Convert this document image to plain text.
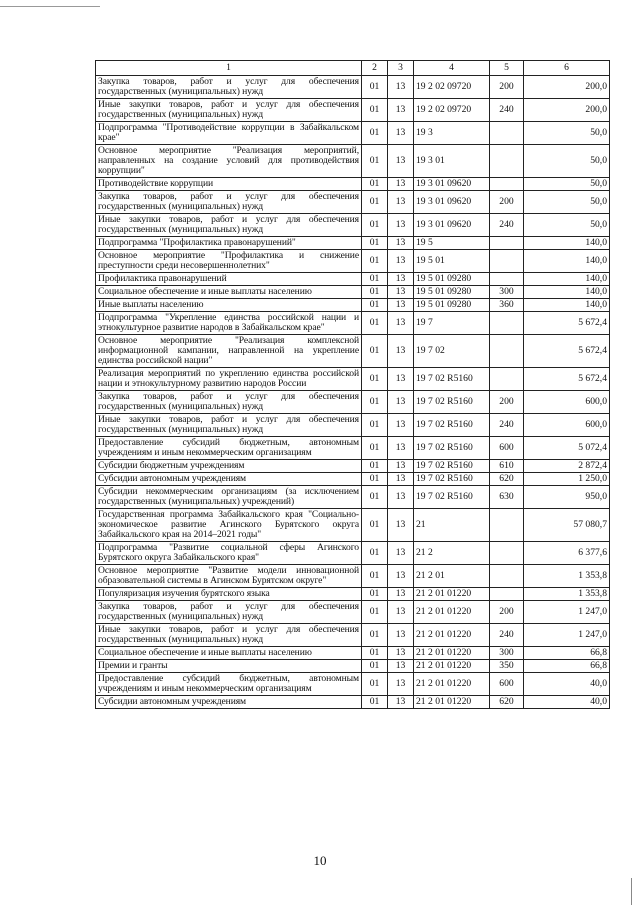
1	2	3	4	5	6
Закупка товаров, работ и услуг для обеспечения государственных (муниципальных) нужд	01	13	19 2 02 09720	200	200,0
Иные закупки товаров, работ и услуг для обеспечения государственных (муниципальных) нужд	01	13	19 2 02 09720	240	200,0
Подпрограмма "Противодействие коррупции в Забайкальском крае"	01	13	19 3		50,0
Основное мероприятие "Реализация мероприятий, направленных на создание условий для противодействия коррупции"	01	13	19 3 01		50,0
Противодействие коррупции	01	13	19 3 01 09620		50,0
Закупка товаров, работ и услуг для обеспечения государственных (муниципальных) нужд	01	13	19 3 01 09620	200	50,0
Иные закупки товаров, работ и услуг для обеспечения государственных (муниципальных) нужд	01	13	19 3 01 09620	240	50,0
Подпрограмма "Профилактика правонарушений"	01	13	19 5		140,0
Основное мероприятие "Профилактика и снижение преступности среди несовершеннолетних"	01	13	19 5 01		140,0
Профилактика правонарушений	01	13	19 5 01 09280		140,0
Социальное обеспечение и иные выплаты населению	01	13	19 5 01 09280	300	140,0
Иные выплаты населению	01	13	19 5 01 09280	360	140,0
Подпрограмма "Укрепление единства российской нации и этнокультурное развитие народов в Забайкальском крае"	01	13	19 7		5 672,4
Основное мероприятие "Реализация комплексной информационной кампании, направленной на укрепление единства российской нации"	01	13	19 7 02		5 672,4
Реализация мероприятий по укреплению единства российской нации и этнокультурному развитию народов России	01	13	19 7 02 R5160		5 672,4
Закупка товаров, работ и услуг для обеспечения государственных (муниципальных) нужд	01	13	19 7 02 R5160	200	600,0
Иные закупки товаров, работ и услуг для обеспечения государственных (муниципальных) нужд	01	13	19 7 02 R5160	240	600,0
Предоставление субсидий бюджетным, автономным учреждениям и иным некоммерческим организациям	01	13	19 7 02 R5160	600	5 072,4
Субсидии бюджетным учреждениям	01	13	19 7 02 R5160	610	2 872,4
Субсидии автономным учреждениям	01	13	19 7 02 R5160	620	1 250,0
Субсидии некоммерческим организациям (за исключением государственных (муниципальных) учреждений)	01	13	19 7 02 R5160	630	950,0
Государственная программа Забайкальского края "Социально-экономическое развитие Агинского Бурятского округа Забайкальского края на 2014–2021 годы"	01	13	21		57 080,7
Подпрограмма "Развитие социальной сферы Агинского Бурятского округа Забайкальского края"	01	13	21 2		6 377,6
Основное мероприятие "Развитие модели инновационной образовательной системы в Агинском Бурятском округе"	01	13	21 2 01		1 353,8
Популяризация изучения бурятского языка	01	13	21 2 01 01220		1 353,8
Закупка товаров, работ и услуг для обеспечения государственных (муниципальных) нужд	01	13	21 2 01 01220	200	1 247,0
Иные закупки товаров, работ и услуг для обеспечения государственных (муниципальных) нужд	01	13	21 2 01 01220	240	1 247,0
Социальное обеспечение и иные выплаты населению	01	13	21 2 01 01220	300	66,8
Премии и гранты	01	13	21 2 01 01220	350	66,8
Предоставление субсидий бюджетным, автономным учреждениям и иным некоммерческим организациям	01	13	21 2 01 01220	600	40,0
Субсидии автономным учреждениям	01	13	21 2 01 01220	620	40,0
10
